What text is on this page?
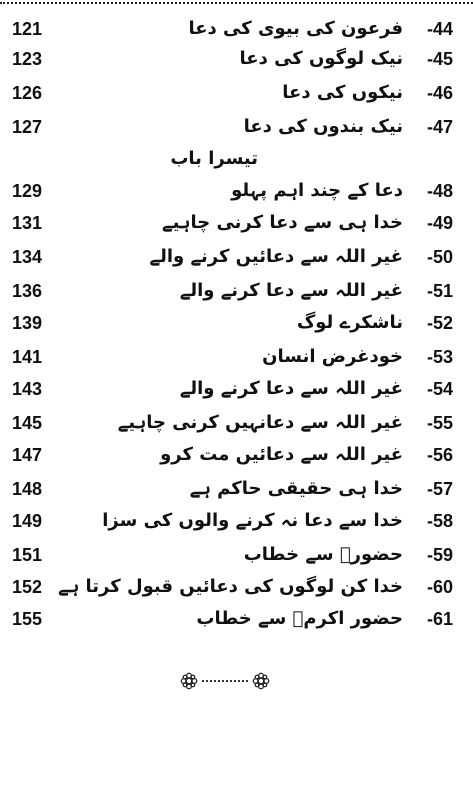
121	فرعون کی بیوی کی دعا -44
123	نیک لوگوں کی دعا -45
126	نیکوں کی دعا -46
127	نیک بندوں کی دعا -47
تیسرا باب
129	دعا کے چند اہم پہلو -48
131	خدا ہی سے دعا کرنی چاہیے -49
134	غیر اللہ سے دعائیں کرنے والے -50
136	غیر اللہ سے دعا کرنے والے -51
139	ناشکرے لوگ -52
141	خودغرض انسان -53
143	غیر اللہ سے دعا کرنے والے -54
145	غیر اللہ سے دعانہیں کرنی چاہیے -55
147	غیر اللہ سے دعائیں مت کرو -56
148	خدا ہی حقیقی حاکم ہے -57
149	خدا سے دعا نہ کرنے والوں کی سزا -58
151	حضورؐ سے خطاب -59
152 خدا کن لوگوں کی دعائیں قبول کرتا ہے -60
155	حضور اکرمؐ سے خطاب -61
